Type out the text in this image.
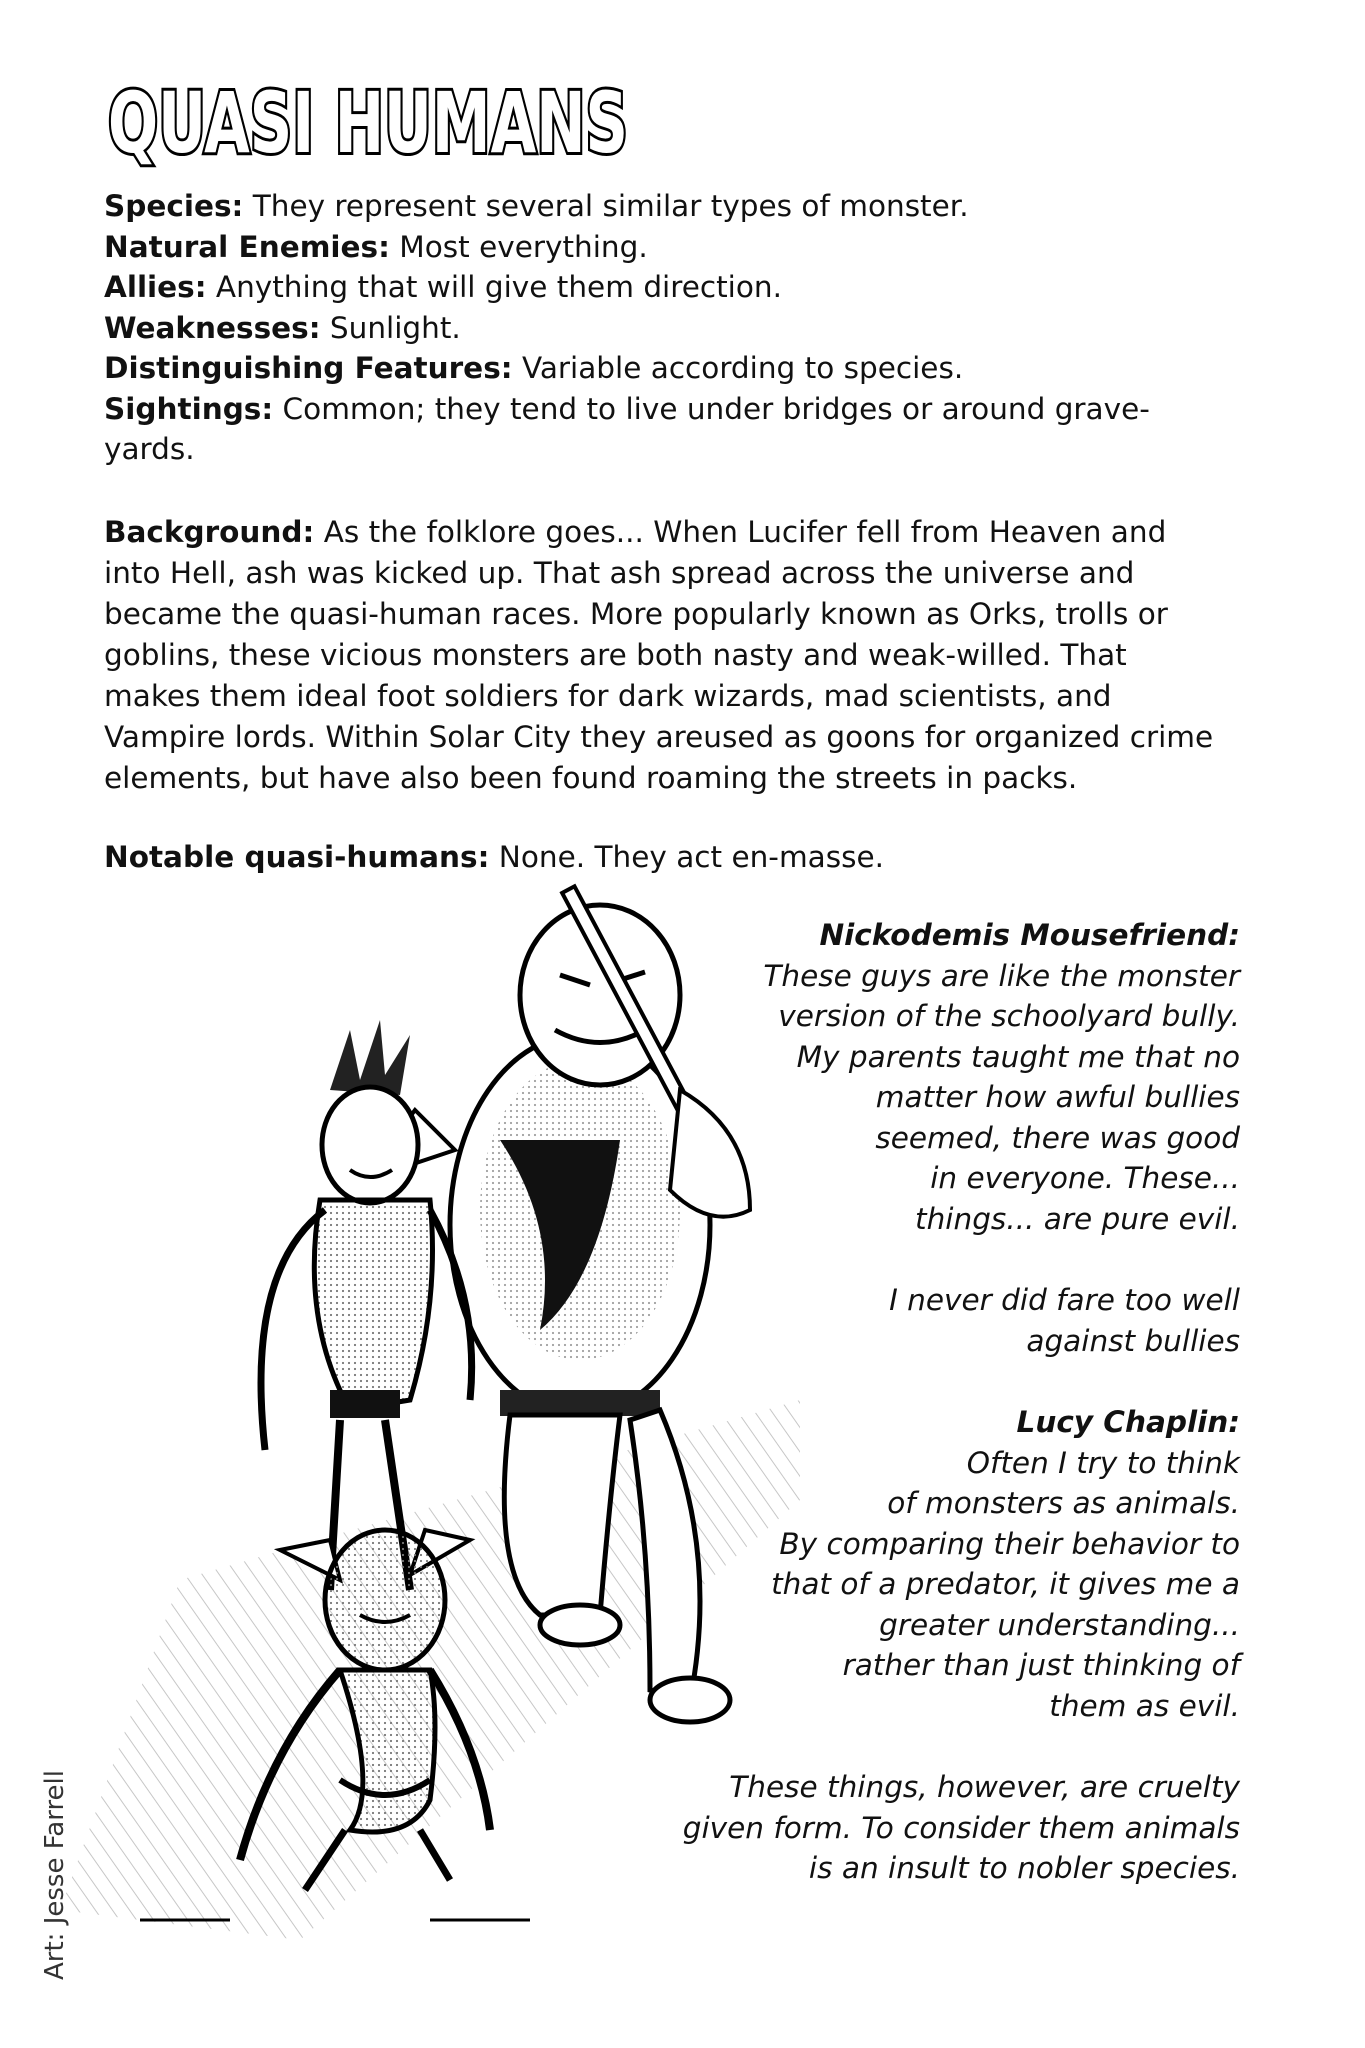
QUASI HUMANS

Species: They represent several similar types of monster.

Natural Enemies: Most everything.

Allies: Anything that will give them direction.

Weaknesses: Sunlight.

Distinguishing Features: Variable according to species.

Sightings: Common; they tend to live under bridges or around grave-yards.

Background: As the folklore goes... When Lucifer fell from Heaven and into Hell, ash was kicked up. That ash spread across the universe and became the quasi-human races. More popularly known as Orks, trolls or goblins, these vicious monsters are both nasty and weak-willed. That makes them ideal foot soldiers for dark wizards, mad scientists, and Vampire lords. Within Solar City they areused as goons for organized crime elements, but have also been found roaming the streets in packs.

Notable quasi-humans: None. They act en-masse.

Art: Jesse Farrell

Nickodemis Mousefriend:

These guys are like the monster

version of the schoolyard bully.

My parents taught me that no

matter how awful bullies

seemed, there was good

in everyone. These...

things... are pure evil.

I never did fare too well

against bullies

Lucy Chaplin:

Often I try to think

of monsters as animals.

By comparing their behavior to

that of a predator, it gives me a

greater understanding...

rather than just thinking of

them as evil.

These things, however, are cruelty

given form. To consider them animals

is an insult to nobler species.
